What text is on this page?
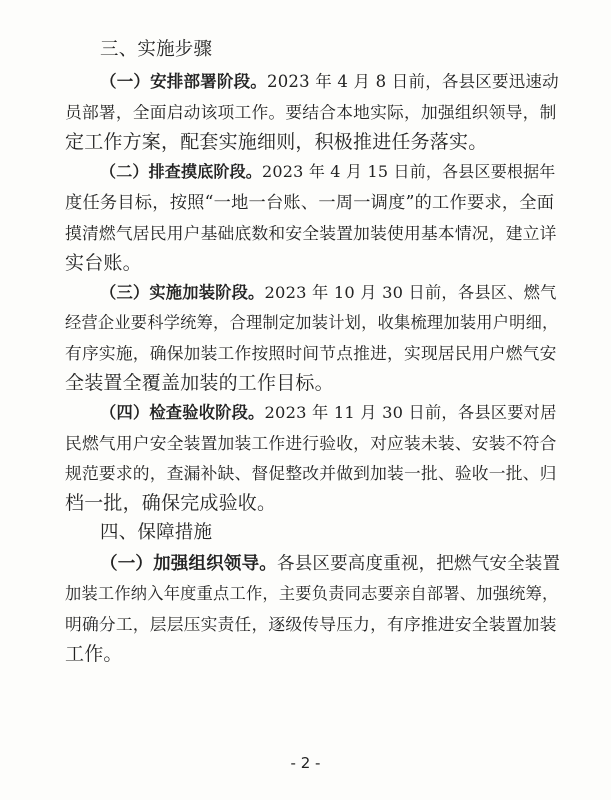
三、实施步骤
（一）安排部署阶段。2023 年 4 月 8 日前，各县区要迅速动
员部署，全面启动该项工作。要结合本地实际，加强组织领导，制
定工作方案，配套实施细则，积极推进任务落实。
（二）排查摸底阶段。2023 年 4 月 15 日前，各县区要根据年
度任务目标，按照“一地一台账、一周一调度”的工作要求，全面
摸清燃气居民用户基础底数和安全装置加装使用基本情况，建立详
实台账。
（三）实施加装阶段。2023 年 10 月 30 日前，各县区、燃气
经营企业要科学统筹，合理制定加装计划，收集梳理加装用户明细，
有序实施，确保加装工作按照时间节点推进，实现居民用户燃气安
全装置全覆盖加装的工作目标。
（四）检查验收阶段。2023 年 11 月 30 日前，各县区要对居
民燃气用户安全装置加装工作进行验收，对应装未装、安装不符合
规范要求的，查漏补缺、督促整改并做到加装一批、验收一批、归
档一批，确保完成验收。
四、保障措施
（一）加强组织领导。各县区要高度重视，把燃气安全装置
加装工作纳入年度重点工作，主要负责同志要亲自部署、加强统筹，
明确分工，层层压实责任，逐级传导压力，有序推进安全装置加装
工作。
- 2 -
